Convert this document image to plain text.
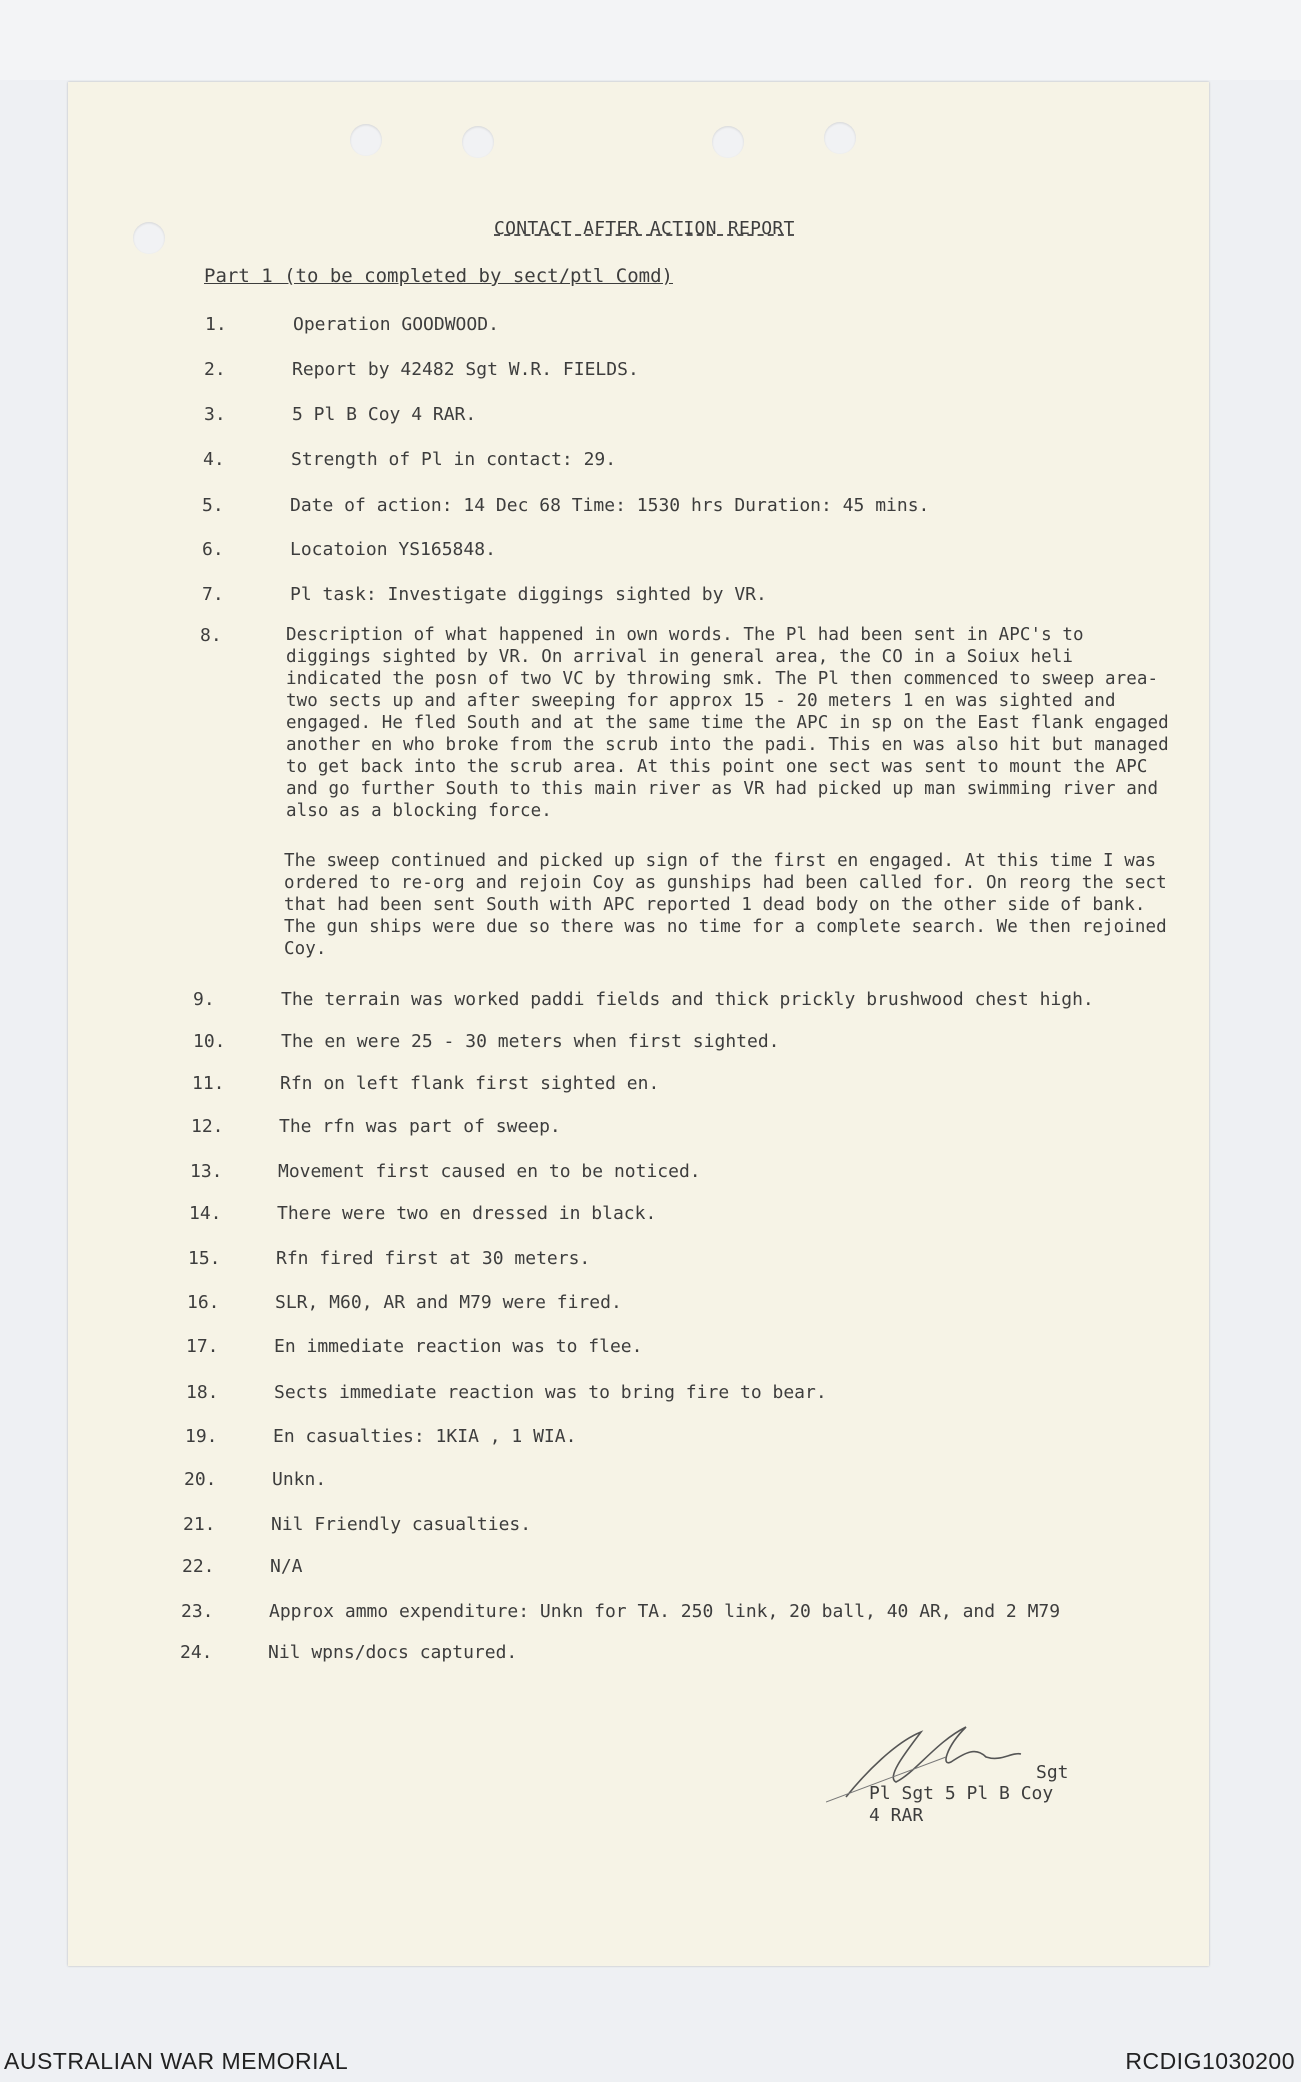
CONTACT AFTER ACTION REPORT
Part 1 (to be completed by sect/ptl Comd)
1.	Operation GOODWOOD.
2.	Report by 42482 Sgt W.R. FIELDS.
3.	5 Pl B Coy 4 RAR.
4.	Strength of Pl in contact: 29.
5.	Date of action: 14 Dec 68 Time: 1530 hrs Duration: 45 mins.
6.	Locatoion YS165848.
7.	Pl task: Investigate diggings sighted by VR.
8.
9.	The terrain was worked paddi fields and thick prickly brushwood chest high.
10.	The en were 25 - 30 meters when first sighted.
11.	Rfn on left flank first sighted en.
12.	The rfn was part of sweep.
13.	Movement first caused en to be noticed.
14.	There were two en dressed in black.
15.	Rfn fired first at 30 meters.
16.	SLR, M60, AR and M79 were fired.
17.	En immediate reaction was to flee.
18.	Sects immediate reaction was to bring fire to bear.
19.	En casualties: 1KIA , 1 WIA.
20.	Unkn.
21.	Nil Friendly casualties.
22.	N/A
23.	Approx ammo expenditure: Unkn for TA. 250 link, 20 ball, 40 AR, and 2 M79
24.	Nil wpns/docs captured.
Description of what happened in own words. The Pl had been sent in APC's to diggings sighted by VR. On arrival in general area, the CO in a Soiux heli indicated the posn of two VC by throwing smk. The Pl then commenced to sweep area- two sects up and after sweeping for approx 15 - 20 meters 1 en was sighted and engaged. He fled South and at the same time the APC in sp on the East flank engaged another en who broke from the scrub into the padi. This en was also hit but managed to get back into the scrub area. At this point one sect was sent to mount the APC and go further South to this main river as VR had picked up man swimming river and also as a blocking force.
The sweep continued and picked up sign of the first en engaged. At this time I was ordered to re-org and rejoin Coy as gunships had been called for. On reorg the sect that had been sent South with APC reported 1 dead body on the other side of bank. The gun ships were due so there was no time for a complete search. We then rejoined Coy.
Sgt
Pl Sgt 5 Pl B Coy
4 RAR
AUSTRALIAN WAR MEMORIAL	RCDIG1030200
